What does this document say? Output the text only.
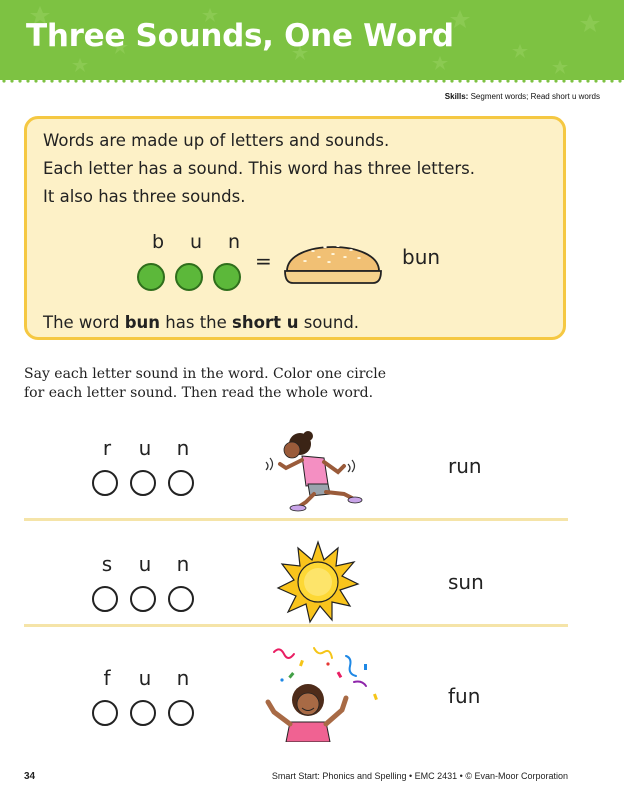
Three Sounds, One Word
Skills: Segment words; Read short u words
Words are made up of letters and sounds.
Each letter has a sound. This word has three letters.
It also has three sounds.
b	u	n
=	bun
The word bun has the short u sound.
Say each letter sound in the word. Color one circle
for each letter sound. Then read the whole word.
r	u	n
run
s	u	n
sun
f	u	n
fun
34	Smart Start: Phonics and Spelling • EMC 2431 • © Evan-Moor Corporation
